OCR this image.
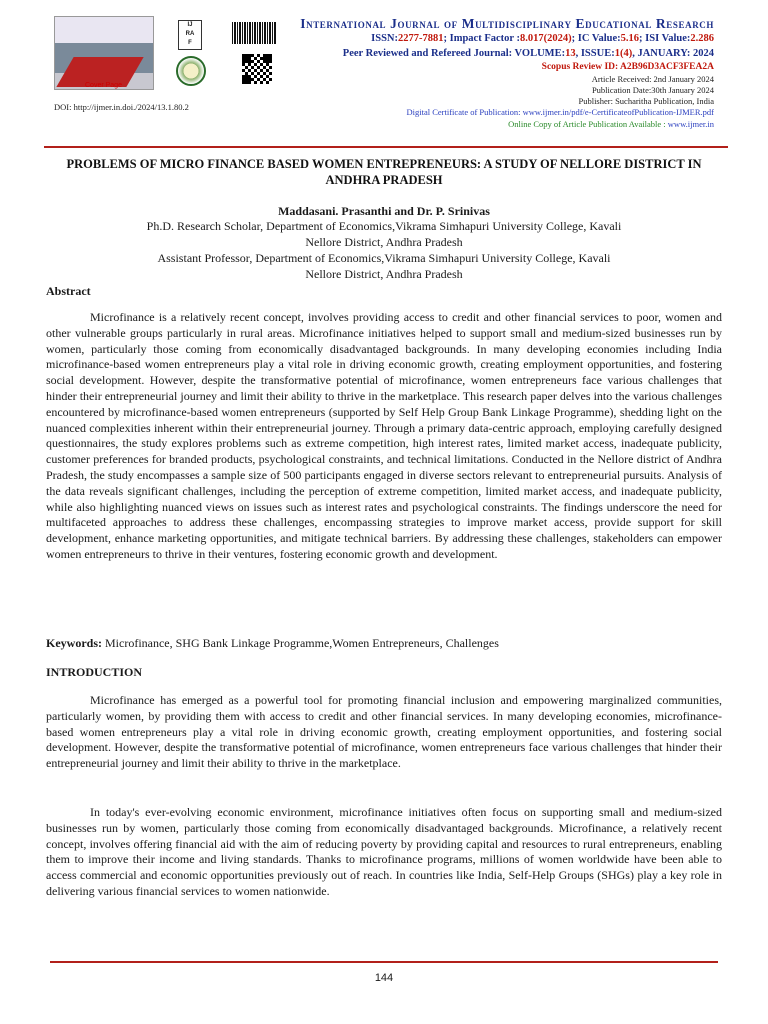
Cover Page
IJ
RA
F
International Journal of Multidisciplinary Educational Research
ISSN:2277-7881; Impact Factor :8.017(2024); IC Value:5.16; ISI Value:2.286
Peer Reviewed and Refereed Journal: VOLUME:13, ISSUE:1(4), JANUARY: 2024
Scopus Review ID: A2B96D3ACF3FEA2A
Article Received: 2nd January 2024
Publication Date:30th January 2024
Publisher: Sucharitha Publication, India
Digital Certificate of Publication: www.ijmer.in/pdf/e-CertificateofPublication-IJMER.pdf
Online Copy of Article Publication Available : www.ijmer.in
DOI: http://ijmer.in.doi./2024/13.1.80.2
PROBLEMS OF MICRO FINANCE BASED WOMEN ENTREPRENEURS: A STUDY OF NELLORE DISTRICT IN ANDHRA PRADESH
Maddasani. Prasanthi and Dr. P. Srinivas
Ph.D. Research Scholar, Department of Economics,Vikrama Simhapuri University College, Kavali
Nellore District, Andhra Pradesh
Assistant Professor, Department of Economics,Vikrama Simhapuri University College, Kavali
Nellore District, Andhra Pradesh
Abstract

Microfinance is a relatively recent concept, involves providing access to credit and other financial services to poor, women and other vulnerable groups particularly in rural areas. Microfinance initiatives helped to support small and medium-sized businesses run by women, particularly those coming from economically disadvantaged backgrounds. In many developing economies including India microfinance-based women entrepreneurs play a vital role in driving economic growth, creating employment opportunities, and fostering social development. However, despite the transformative potential of microfinance, women entrepreneurs face various challenges that hinder their entrepreneurial journey and limit their ability to thrive in the marketplace. This research paper delves into the various challenges encountered by microfinance-based women entrepreneurs (supported by Self Help Group Bank Linkage Programme), shedding light on the nuanced complexities inherent within their entrepreneurial journey. Through a primary data-centric approach, employing carefully designed questionnaires, the study explores problems such as extreme competition, high interest rates, limited market access, inadequate publicity, customer preferences for branded products, psychological constraints, and technical limitations. Conducted in the Nellore district of Andhra Pradesh, the study encompasses a sample size of 500 participants engaged in diverse sectors relevant to entrepreneurial pursuits. Analysis of the data reveals significant challenges, including the perception of extreme competition, limited market access, and inadequate publicity, while also highlighting nuanced views on issues such as interest rates and psychological constraints. The findings underscore the need for multifaceted approaches to address these challenges, encompassing strategies to improve market access, provide support for skill development, enhance marketing opportunities, and mitigate technical barriers. By addressing these challenges, stakeholders can empower women entrepreneurs to thrive in their ventures, fostering economic growth and development.

Keywords: Microfinance, SHG Bank Linkage Programme,Women Entrepreneurs, Challenges
INTRODUCTION

Microfinance has emerged as a powerful tool for promoting financial inclusion and empowering marginalized communities, particularly women, by providing them with access to credit and other financial services. In many developing economies, microfinance-based women entrepreneurs play a vital role in driving economic growth, creating employment opportunities, and fostering social development. However, despite the transformative potential of microfinance, women entrepreneurs face various challenges that hinder their entrepreneurial journey and limit their ability to thrive in the marketplace.

In today's ever-evolving economic environment, microfinance initiatives often focus on supporting small and medium-sized businesses run by women, particularly those coming from economically disadvantaged backgrounds. Microfinance, a relatively recent concept, involves offering financial aid with the aim of reducing poverty by providing capital and resources to rural entrepreneurs, enabling them to improve their income and living standards. Thanks to microfinance programs, millions of women worldwide have been able to access commercial and economic opportunities previously out of reach. In countries like India, Self-Help Groups (SHGs) play a key role in delivering various financial services to women nationwide.

144
